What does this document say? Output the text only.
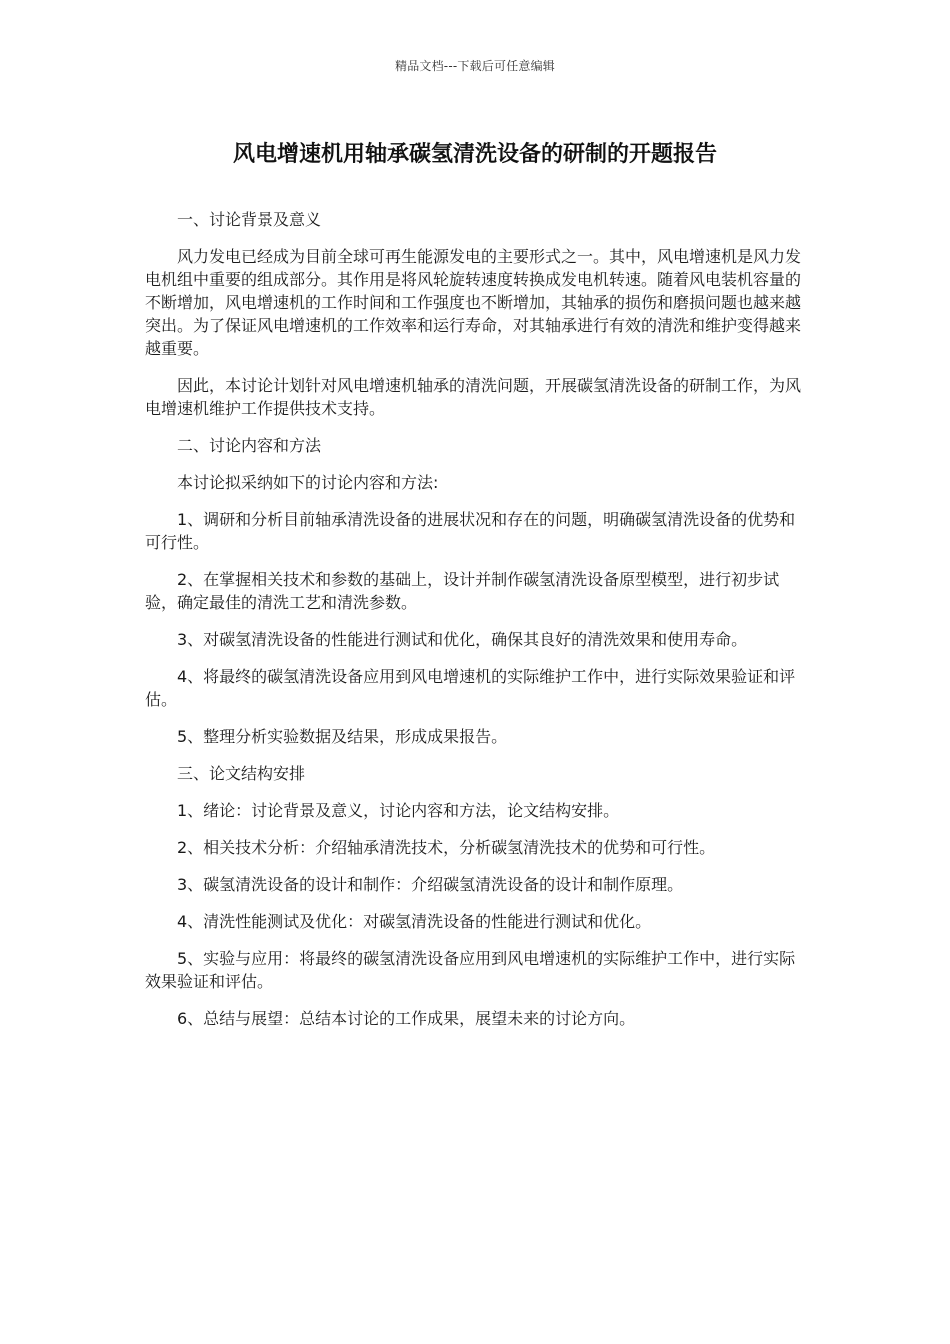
精品文档---下载后可任意编辑
风电增速机用轴承碳氢清洗设备的研制的开题报告

一、讨论背景及意义

风力发电已经成为目前全球可再生能源发电的主要形式之一。其中，风电增速机是风力发电机组中重要的组成部分。其作用是将风轮旋转速度转换成发电机转速。随着风电装机容量的不断增加，风电增速机的工作时间和工作强度也不断增加，其轴承的损伤和磨损问题也越来越突出。为了保证风电增速机的工作效率和运行寿命，对其轴承进行有效的清洗和维护变得越来越重要。

因此，本讨论计划针对风电增速机轴承的清洗问题，开展碳氢清洗设备的研制工作，为风电增速机维护工作提供技术支持。

二、讨论内容和方法

本讨论拟采纳如下的讨论内容和方法:

1、调研和分析目前轴承清洗设备的进展状况和存在的问题，明确碳氢清洗设备的优势和可行性。

2、在掌握相关技术和参数的基础上，设计并制作碳氢清洗设备原型模型，进行初步试验，确定最佳的清洗工艺和清洗参数。

3、对碳氢清洗设备的性能进行测试和优化，确保其良好的清洗效果和使用寿命。

4、将最终的碳氢清洗设备应用到风电增速机的实际维护工作中，进行实际效果验证和评估。

5、整理分析实验数据及结果，形成成果报告。

三、论文结构安排

1、绪论：讨论背景及意义，讨论内容和方法，论文结构安排。

2、相关技术分析：介绍轴承清洗技术，分析碳氢清洗技术的优势和可行性。

3、碳氢清洗设备的设计和制作：介绍碳氢清洗设备的设计和制作原理。

4、清洗性能测试及优化：对碳氢清洗设备的性能进行测试和优化。

5、实验与应用：将最终的碳氢清洗设备应用到风电增速机的实际维护工作中，进行实际效果验证和评估。

6、总结与展望：总结本讨论的工作成果，展望未来的讨论方向。
